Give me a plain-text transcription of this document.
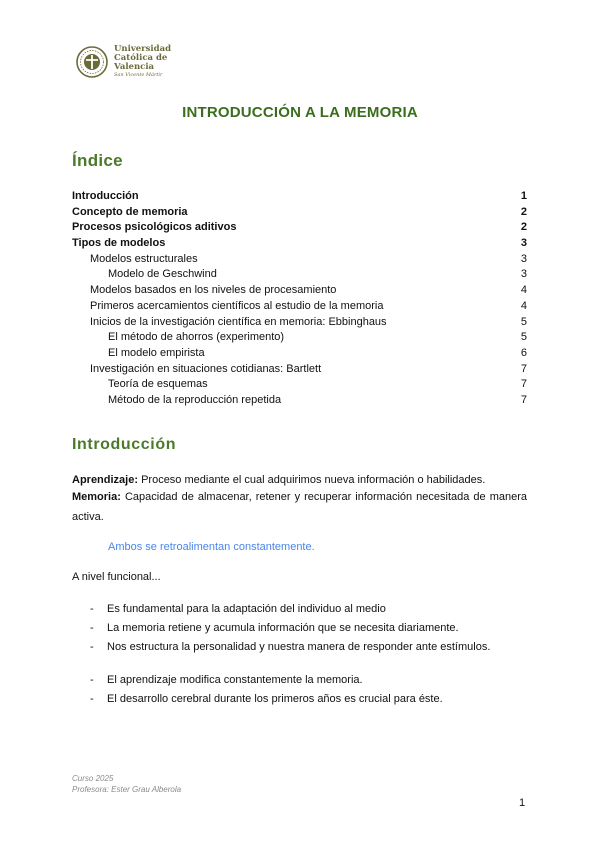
Universidad
Católica de
Valencia
San Vicente Mártir
INTRODUCCIÓN A LA MEMORIA
Índice
Introducción	1
Concepto de memoria	2
Procesos psicológicos aditivos	2
Tipos de modelos	3
Modelos estructurales	3
Modelo de Geschwind	3
Modelos basados en los niveles de procesamiento	4
Primeros acercamientos científicos al estudio de la memoria	4
Inicios de la investigación científica en memoria: Ebbinghaus	5
El método de ahorros (experimento)	5
El modelo empirista	6
Investigación en situaciones cotidianas: Bartlett	7
Teoría de esquemas	7
Método de la reproducción repetida	7
Introducción
Aprendizaje: Proceso mediante el cual adquirimos nueva información o habilidades.
Memoria: Capacidad de almacenar, retener y recuperar información necesitada de manera
activa.
Ambos se retroalimentan constantemente.
A nivel funcional...
- Es fundamental para la adaptación del individuo al medio
- La memoria retiene y acumula información que se necesita diariamente.
- Nos estructura la personalidad y nuestra manera de responder ante estímulos.
- El aprendizaje modifica constantemente la memoria.
- El desarrollo cerebral durante los primeros años es crucial para éste.
Curso 2025
Profesora: Ester Grau Alberola
1
